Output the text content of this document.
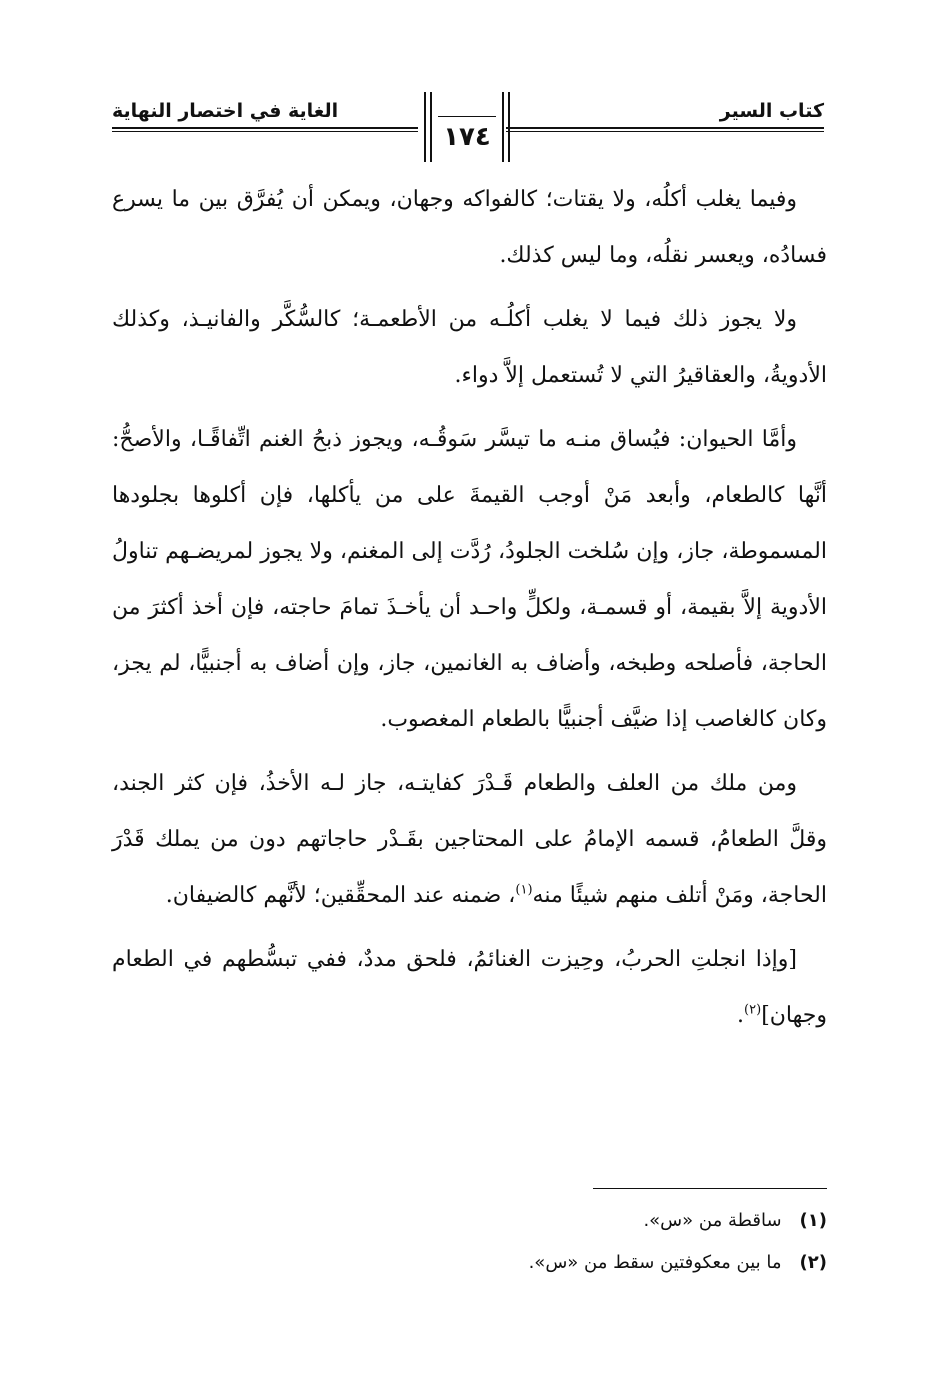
كتاب السير
١٧٤
الغاية في اختصار النهاية

وفيما يغلب أكلُه، ولا يقتات؛ كالفواكه وجهان، ويمكن أن يُفرَّق بين ما يسرع فسادُه، ويعسر نقلُه، وما ليس كذلك.

ولا يجوز ذلك فيما لا يغلب أكلُـه من الأطعمـة؛ كالسُّكَّر والفانيـذ، وكذلك الأدويةُ، والعقاقيرُ التي لا تُستعمل إلاَّ دواء.

وأمَّا الحيوان: فيُساق منـه ما تيسَّر سَوقُـه، ويجوز ذبحُ الغنم اتِّفاقًـا، والأصحُّ: أنَّها كالطعام، وأبعد مَنْ أوجب القيمةَ على من يأكلها، فإن أكلوها بجلودها المسموطة، جاز، وإن سُلخت الجلودُ، رُدَّت إلى المغنم، ولا يجوز لمريضـهم تناولُ الأدوية إلاَّ بقيمة، أو قسمـة، ولكلٍّ واحـد أن يأخـذَ تمامَ حاجته، فإن أخذ أكثرَ من الحاجة، فأصلحه وطبخه، وأضاف به الغانمين، جاز، وإن أضاف به أجنبيًّا، لم يجز، وكان كالغاصب إذا ضيَّف أجنبيًّا بالطعام المغصوب.

ومن ملك من العلف والطعام قَـدْرَ كفايتـه، جاز لـه الأخذُ، فإن كثر الجند، وقلَّ الطعامُ، قسمه الإمامُ على المحتاجين بقَـدْر حاجاتهم دون من يملك قَدْرَ الحاجة، ومَنْ أتلف منهم شيئًا منه$^{(١)}$، ضمنه عند المحقِّقين؛ لأنَّهم كالضيفان.

[وإذا انجلتِ الحربُ، وحِيزت الغنائمُ، فلحق مددٌ، ففي تبسُّطهم في الطعام وجهان]$^{(٢)}$.

(١)
ساقطة من «س».
(٢)
ما بين معكوفتين سقط من «س».
